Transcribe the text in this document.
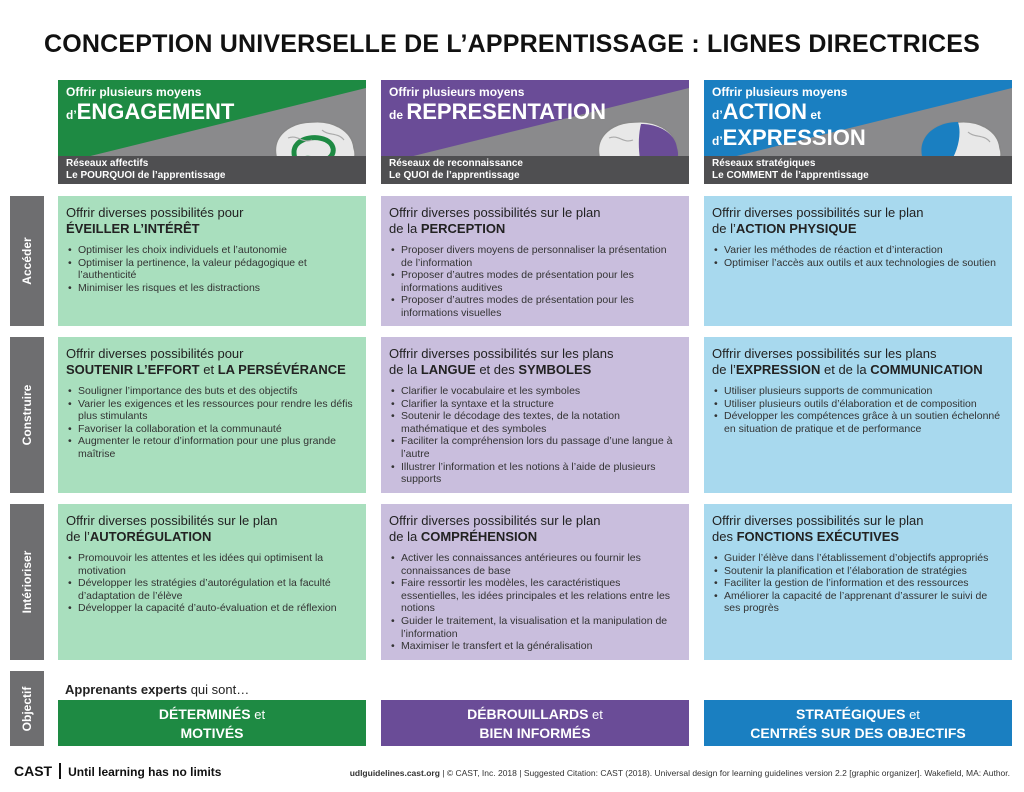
CONCEPTION UNIVERSELLE DE L’APPRENTISSAGE : LIGNES DIRECTRICES
Offrir plusieurs moyens
d’ENGAGEMENT
Réseaux affectifs
Le POURQUOI de l’apprentissage
Offrir plusieurs moyens
de REPRESENTATION
Réseaux de reconnaissance
Le QUOI de l’apprentissage
Offrir plusieurs moyens
d’ACTION et
d’EXPRESSION
Réseaux stratégiques
Le COMMENT de l’apprentissage
Accéder
Construire
Intérioriser
Objectif
Offrir diverses possibilités pour
ÉVEILLER L’INTÉRÊT
• Optimiser les choix individuels et l’autonomie
• Optimiser la pertinence, la valeur pédagogique et l’authenticité
• Minimiser les risques et les distractions
Offrir diverses possibilités sur le plan
de la PERCEPTION
• Proposer divers moyens de personnaliser la présentation de l’information
• Proposer d’autres modes de présentation pour les informations auditives
• Proposer d’autres modes de présentation pour les informations visuelles
Offrir diverses possibilités sur le plan
de l’ACTION PHYSIQUE
• Varier les méthodes de réaction et d’interaction
• Optimiser l’accès aux outils et aux technologies de soutien
Offrir diverses possibilités pour
SOUTENIR L’EFFORT et LA PERSÉVÉRANCE
• Souligner l’importance des buts et des objectifs
• Varier les exigences et les ressources pour rendre les défis plus stimulants
• Favoriser la collaboration et la communauté
• Augmenter le retour d’information pour une plus grande maîtrise
Offrir diverses possibilités sur les plans
de la LANGUE et des SYMBOLES
• Clarifier le vocabulaire et les symboles
• Clarifier la syntaxe et la structure
• Soutenir le décodage des textes, de la notation mathématique et des symboles
• Faciliter la compréhension lors du passage d’une langue à l’autre
• Illustrer l’information et les notions à l’aide de plusieurs supports
Offrir diverses possibilités sur les plans
de l’EXPRESSION et de la COMMUNICATION
• Utiliser plusieurs supports de communication
• Utiliser plusieurs outils d’élaboration et de composition
• Développer les compétences grâce à un soutien échelonné en situation de pratique et de performance
Offrir diverses possibilités sur le plan
de l’AUTORÉGULATION
• Promouvoir les attentes et les idées qui optimisent la motivation
• Développer les stratégies d’autorégulation et la faculté d’adaptation de l’élève
• Développer la capacité d’auto-évaluation et de réflexion
Offrir diverses possibilités sur le plan
de la COMPRÉHENSION
• Activer les connaissances antérieures ou fournir les connaissances de base
• Faire ressortir les modèles, les caractéristiques essentielles, les idées principales et les relations entre les notions
• Guider le traitement, la visualisation et la manipulation de l’information
• Maximiser le transfert et la généralisation
Offrir diverses possibilités sur le plan
des FONCTIONS EXÉCUTIVES
• Guider l’élève dans l’établissement d’objectifs appropriés
• Soutenir la planification et l’élaboration de stratégies
• Faciliter la gestion de l’information et des ressources
• Améliorer la capacité de l’apprenant d’assurer le suivi de ses progrès
Apprenants experts qui sont…
DÉTERMINÉS et
MOTIVÉS
DÉBROUILLARDS et
BIEN INFORMÉS
STRATÉGIQUES et
CENTRÉS SUR DES OBJECTIFS
CAST Until learning has no limits	udlguidelines.cast.org | © CAST, Inc. 2018 | Suggested Citation: CAST (2018). Universal design for learning guidelines version 2.2 [graphic organizer]. Wakefield, MA: Author.
